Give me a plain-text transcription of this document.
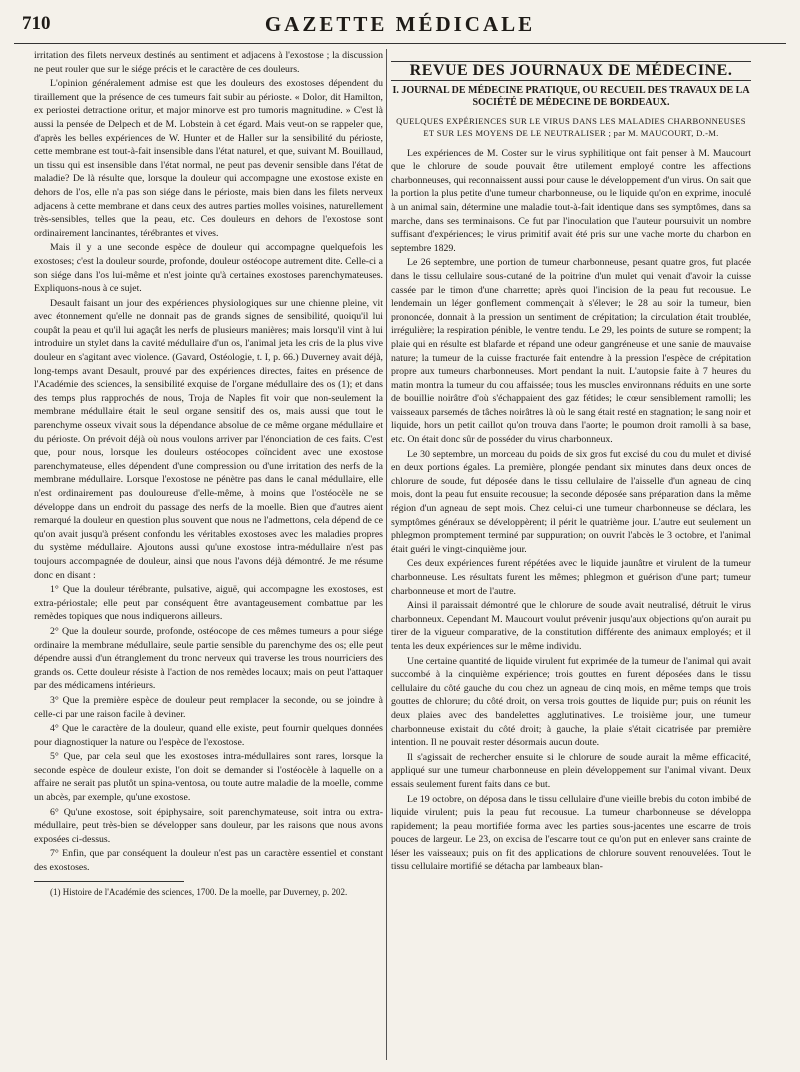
710	GAZETTE MÉDICALE

irritation des filets nerveux destinés au sentiment et adjacens à l'exostose ; la discussion ne peut rouler que sur le siége précis et le caractère de ces douleurs.

L'opinion généralement admise est que les douleurs des exostoses dépendent du tiraillement que la présence de ces tumeurs fait subir au périoste. « Dolor, dit Hamilton, ex periostei detractione oritur, et major minorve est pro tumoris magnitudine. » C'est là aussi la pensée de Delpech et de M. Lobstein à cet égard. Mais veut-on se rappeler que, d'après les belles expériences de W. Hunter et de Haller sur la sensibilité du périoste, cette membrane est tout-à-fait insensible dans l'état naturel, et que, suivant M. Bouillaud, un tissu qui est insensible dans l'état normal, ne peut pas devenir sensible dans l'état de maladie? De là résulte que, lorsque la douleur qui accompagne une exostose existe en dehors de l'os, elle n'a pas son siége dans le périoste, mais bien dans les filets nerveux adjacens à cette membrane et dans ceux des autres parties molles voisines, naturellement très-sensibles, telles que la peau, etc. Ces douleurs en dehors de l'exostose sont ordinairement lancinantes, térébrantes et vives.

Mais il y a une seconde espèce de douleur qui accompagne quelquefois les exostoses; c'est la douleur sourde, profonde, douleur ostéocope autrement dite. Celle-ci a son siége dans l'os lui-même et n'est jointe qu'à certaines exostoses parenchymateuses. Expliquons-nous à ce sujet.

Desault faisant un jour des expériences physiologiques sur une chienne pleine, vit avec étonnement qu'elle ne donnait pas de grands signes de sensibilité, quoiqu'il lui coupât la peau et qu'il lui agaçât les nerfs de plusieurs manières; mais lorsqu'il vint à lui introduire un stylet dans la cavité médullaire d'un os, l'animal jeta les cris de la plus vive douleur en s'agitant avec violence. (Gavard, Ostéologie, t. I, p. 66.) Duverney avait déjà, long-temps avant Desault, prouvé par des expériences directes, faites en présence de l'Académie des sciences, la sensibilité exquise de l'organe médullaire des os (1); et dans des temps plus rapprochés de nous, Troja de Naples fit voir que non-seulement la membrane médullaire était le seul organe sensitif des os, mais aussi que tout le parenchyme osseux vivait sous la dépendance absolue de ce même organe médullaire et du périoste. On prévoit déjà où nous voulons arriver par l'énonciation de ces faits. C'est que, pour nous, lorsque les douleurs ostéocopes coïncident avec une exostose parenchymateuse, elles dépendent d'une compression ou d'une irritation des nerfs de la membrane médullaire. Lorsque l'exostose ne pénètre pas dans le canal médullaire, elle n'est ordinairement pas douloureuse d'elle-même, à moins que l'ostéocèle ne se développe dans un endroit du passage des nerfs de la moelle. Bien que d'autres aient remarqué la douleur en question plus souvent que nous ne l'admettons, cela dépend de ce qu'on avait jusqu'à présent confondu les véritables exostoses avec les maladies propres du système médullaire. Ajoutons aussi qu'une exostose intra-médullaire n'est pas toujours accompagnée de douleur, ainsi que nous l'avons déjà démontré. Je me résume donc en disant :

1° Que la douleur térébrante, pulsative, aiguë, qui accompagne les exostoses, est extra-périostale; elle peut par conséquent être avantageusement combattue par les remèdes topiques que nous indiquerons ailleurs.

2° Que la douleur sourde, profonde, ostéocope de ces mêmes tumeurs a pour siége ordinaire la membrane médullaire, seule partie sensible du parenchyme des os; elle peut dépendre aussi d'un étranglement du tronc nerveux qui traverse les trous nourriciers des grands os. Cette douleur résiste à l'action de nos remèdes locaux; mais on peut l'attaquer par des médicamens intérieurs.

3° Que la première espèce de douleur peut remplacer la seconde, ou se joindre à celle-ci par une raison facile à deviner.

4° Que le caractère de la douleur, quand elle existe, peut fournir quelques données pour diagnostiquer la nature ou l'espèce de l'exostose.

5° Que, par cela seul que les exostoses intra-médullaires sont rares, lorsque la seconde espèce de douleur existe, l'on doit se demander si l'ostéocèle à laquelle on a affaire ne serait pas plutôt un spina-ventosa, ou toute autre maladie de la moelle, comme un abcès, par exemple, qu'une exostose.

6° Qu'une exostose, soit épiphysaire, soit parenchymateuse, soit intra ou extra-médullaire, peut très-bien se développer sans douleur, par les raisons que nous avons exposées ci-dessus.

7° Enfin, que par conséquent la douleur n'est pas un caractère essentiel et constant des exostoses.

(1) Histoire de l'Académie des sciences, 1700. De la moelle, par Duverney, p. 202.
REVUE DES JOURNAUX DE MÉDECINE.
I. JOURNAL DE MÉDECINE PRATIQUE, OU RECUEIL DES TRAVAUX DE LA SOCIÉTÉ DE MÉDECINE DE BORDEAUX.
QUELQUES EXPÉRIENCES SUR LE VIRUS DANS LES MALADIES CHARBONNEUSES ET SUR LES MOYENS DE LE NEUTRALISER ; par M. MAUCOURT, D.-M.

Les expériences de M. Coster sur le virus syphilitique ont fait penser à M. Maucourt que le chlorure de soude pouvait être utilement employé contre les affections charbonneuses, qui reconnaissent aussi pour cause le développement d'un virus. On sait que la portion la plus petite d'une tumeur charbonneuse, ou le liquide qu'on en exprime, inoculé à un animal sain, détermine une maladie tout-à-fait identique dans ses symptômes, dans sa marche, dans ses terminaisons. Ce fut par l'inoculation que l'auteur poursuivit un nombre suffisant d'expériences; le virus primitif avait été pris sur une vache morte du charbon en septembre 1829.

Le 26 septembre, une portion de tumeur charbonneuse, pesant quatre gros, fut placée dans le tissu cellulaire sous-cutané de la poitrine d'un mulet qui venait d'avoir la cuisse cassée par le timon d'une charrette; après quoi l'incision de la peau fut recousue. Le lendemain un léger gonflement commençait à s'élever; le 28 au soir la tumeur, bien prononcée, donnait à la pression un sentiment de crépitation; la circulation était troublée, irrégulière; la respiration pénible, le ventre tendu. Le 29, les points de suture se rompent; la plaie qui en résulte est blafarde et répand une odeur gangréneuse et une sanie de mauvaise nature; la tumeur de la cuisse fracturée fait entendre à la pression l'espèce de crépitation propre aux tumeurs charbonneuses. Mort pendant la nuit. L'autopsie faite à 7 heures du matin montra la tumeur du cou affaissée; tous les muscles environnans réduits en une sorte de bouillie noirâtre d'où s'échappaient des gaz fétides; le cœur sensiblement ramolli; les vaisseaux parsemés de tâches noirâtres là où le sang était resté en stagnation; le sang noir et liquide, hors un petit caillot qu'on trouva dans l'aorte; le poumon droit ramolli à sa base, etc. On était donc sûr de posséder du virus charbonneux.

Le 30 septembre, un morceau du poids de six gros fut excisé du cou du mulet et divisé en deux portions égales. La première, plongée pendant six minutes dans deux onces de chlorure de soude, fut déposée dans le tissu cellulaire de l'aisselle d'un agneau de cinq mois, dont la peau fut ensuite recousue; la seconde déposée sans préparation dans la même région d'un agneau de sept mois. Chez celui-ci une tumeur charbonneuse se déclara, les symptômes généraux se développèrent; il périt le quatrième jour. L'autre eut seulement un phlegmon promptement terminé par suppuration; on ouvrit l'abcès le 3 octobre, et l'animal était guéri le vingt-cinquième jour.

Ces deux expériences furent répétées avec le liquide jaunâtre et virulent de la tumeur charbonneuse. Les résultats furent les mêmes; phlegmon et guérison d'une part; tumeur charbonneuse et mort de l'autre.

Ainsi il paraissait démontré que le chlorure de soude avait neutralisé, détruit le virus charbonneux. Cependant M. Maucourt voulut prévenir jusqu'aux objections qu'on aurait pu tirer de la vigueur comparative, de la constitution différente des animaux employés; et il tenta les deux expériences sur le même individu.

Une certaine quantité de liquide virulent fut exprimée de la tumeur de l'animal qui avait succombé à la cinquième expérience; trois gouttes en furent déposées dans le tissu cellulaire du côté gauche du cou chez un agneau de cinq mois, en même temps que trois gouttes de chlorure; du côté droit, on versa trois gouttes de liquide pur; puis on réunit les deux plaies avec des bandelettes agglutinatives. Le troisième jour, une tumeur charbonneuse existait du côté droit; à gauche, la plaie s'était cicatrisée par première intention. Il ne pouvait rester désormais aucun doute.

Il s'agissait de rechercher ensuite si le chlorure de soude aurait la même efficacité, appliqué sur une tumeur charbonneuse en plein développement sur l'animal vivant. Deux essais seulement furent faits dans ce but.

Le 19 octobre, on déposa dans le tissu cellulaire d'une vieille brebis du coton imbibé de liquide virulent; puis la peau fut recousue. La tumeur charbonneuse se développa rapidement; la peau mortifiée forma avec les parties sous-jacentes une escarre de trois pouces de largeur. Le 23, on excisa de l'escarre tout ce qu'on put en enlever sans crainte de léser les vaisseaux; puis on fit des applications de chlorure souvent renouvelées. Tout le tissu cellulaire mortifié se détacha par lambeaux blan-
